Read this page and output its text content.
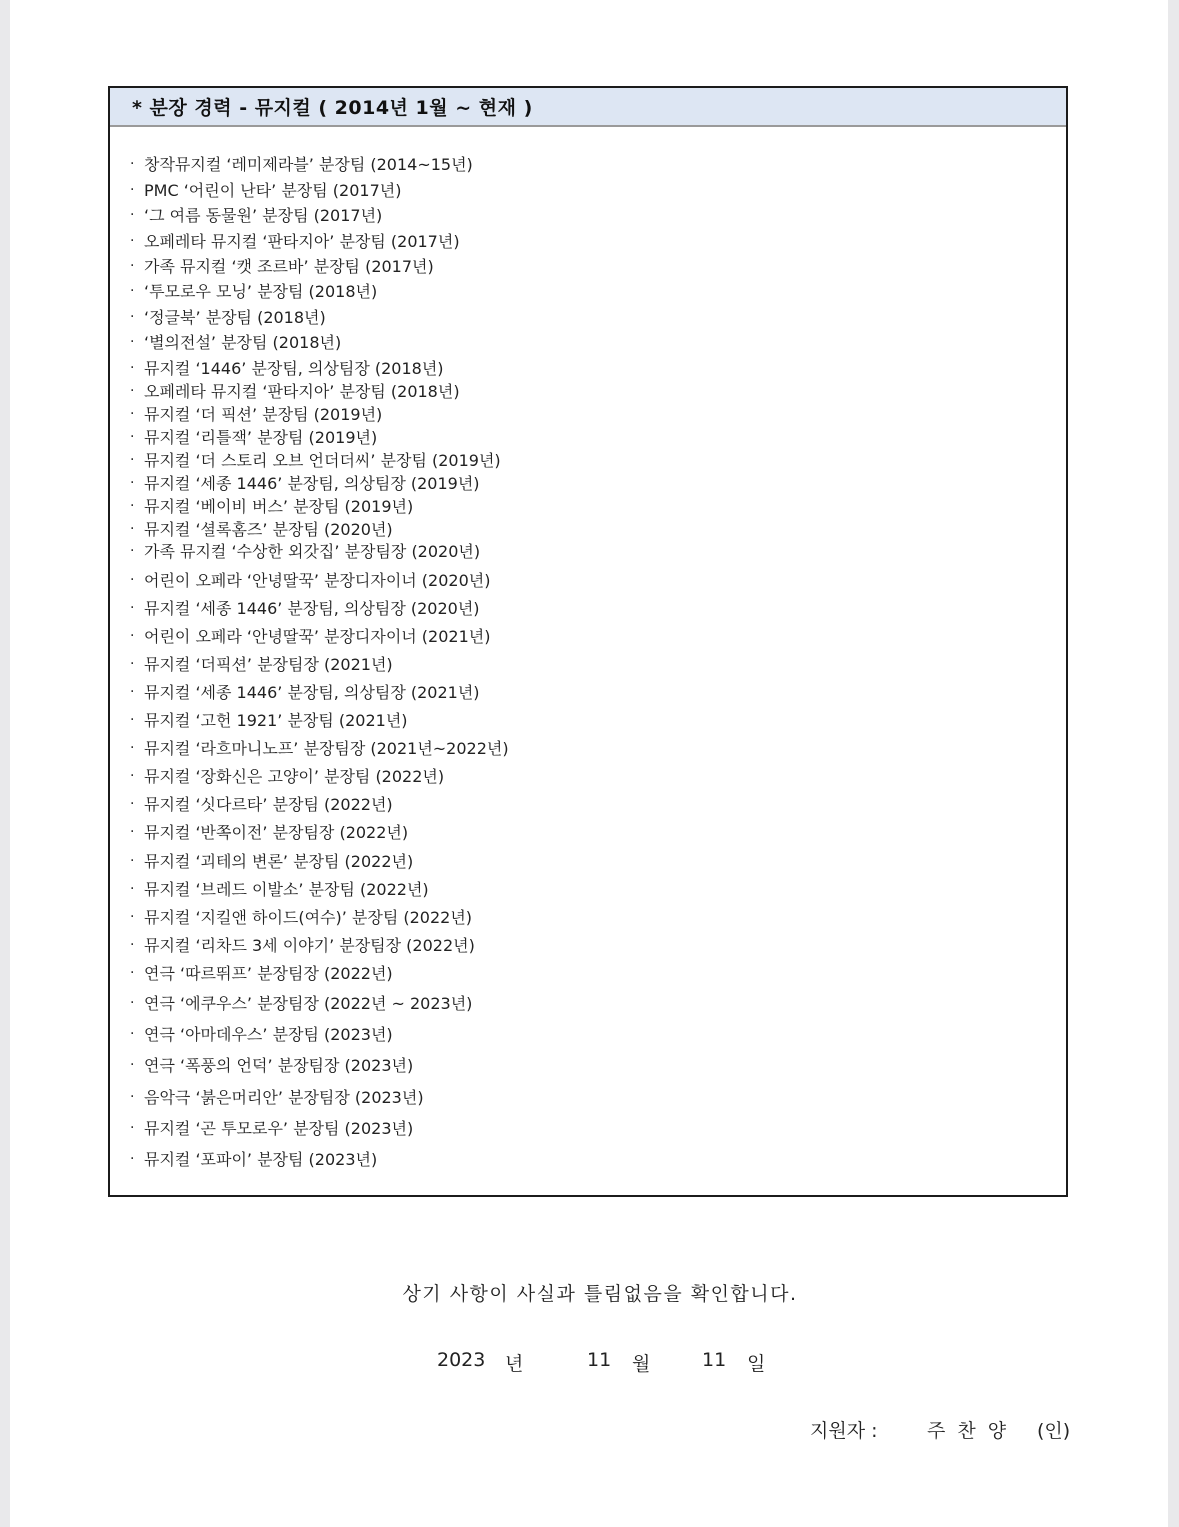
* 분장 경력 - 뮤지컬 ( 2014년 1월 ~ 현재 )
· 창작뮤지컬 ‘레미제라블’ 분장팀 (2014~15년)
· PMC ‘어린이 난타’ 분장팀 (2017년)
· ‘그 여름 동물원’ 분장팀 (2017년)
· 오페레타 뮤지컬 ‘판타지아’ 분장팀 (2017년)
· 가족 뮤지컬 ‘캣 조르바’ 분장팀 (2017년)
· ‘투모로우 모닝’ 분장팀 (2018년)
· ‘정글북’ 분장팀 (2018년)
· ‘별의전설’ 분장팀 (2018년)
· 뮤지컬 ‘1446’ 분장팀, 의상팀장 (2018년)
· 오페레타 뮤지컬 ‘판타지아’ 분장팀 (2018년)
· 뮤지컬 ‘더 픽션’ 분장팀 (2019년)
· 뮤지컬 ‘리틀잭’ 분장팀 (2019년)
· 뮤지컬 ‘더 스토리 오브 언더더씨’ 분장팀 (2019년)
· 뮤지컬 ‘세종 1446’ 분장팀, 의상팀장 (2019년)
· 뮤지컬 ‘베이비 버스’ 분장팀 (2019년)
· 뮤지컬 ‘셜록홈즈’ 분장팀 (2020년)
· 가족 뮤지컬 ‘수상한 외갓집’ 분장팀장 (2020년)
· 어린이 오페라 ‘안녕딸꾹’ 분장디자이너 (2020년)
· 뮤지컬 ‘세종 1446’ 분장팀, 의상팀장 (2020년)
· 어린이 오페라 ‘안녕딸꾹’ 분장디자이너 (2021년)
· 뮤지컬 ‘더픽션’ 분장팀장 (2021년)
· 뮤지컬 ‘세종 1446’ 분장팀, 의상팀장 (2021년)
· 뮤지컬 ‘고헌 1921’ 분장팀 (2021년)
· 뮤지컬 ‘라흐마니노프’ 분장팀장 (2021년~2022년)
· 뮤지컬 ‘장화신은 고양이’ 분장팀 (2022년)
· 뮤지컬 ‘싯다르타’ 분장팀 (2022년)
· 뮤지컬 ‘반쪽이전’ 분장팀장 (2022년)
· 뮤지컬 ‘괴테의 변론’ 분장팀 (2022년)
· 뮤지컬 ‘브레드 이발소’ 분장팀 (2022년)
· 뮤지컬 ‘지킬앤 하이드(여수)’ 분장팀 (2022년)
· 뮤지컬 ‘리차드 3세 이야기’ 분장팀장 (2022년)
· 연극 ‘따르뛰프’ 분장팀장 (2022년)
· 연극 ‘에쿠우스’ 분장팀장 (2022년 ~ 2023년)
· 연극 ‘아마데우스’ 분장팀 (2023년)
· 연극 ‘폭풍의 언덕’ 분장팀장 (2023년)
· 음악극 ‘붉은머리안’ 분장팀장 (2023년)
· 뮤지컬 ‘곤 투모로우’ 분장팀 (2023년)
· 뮤지컬 ‘포파이’ 분장팀 (2023년)
상기 사항이 사실과 틀림없음을 확인합니다.
2023 년	11	월	11	일
지원자 :	주 찬 양	(인)
